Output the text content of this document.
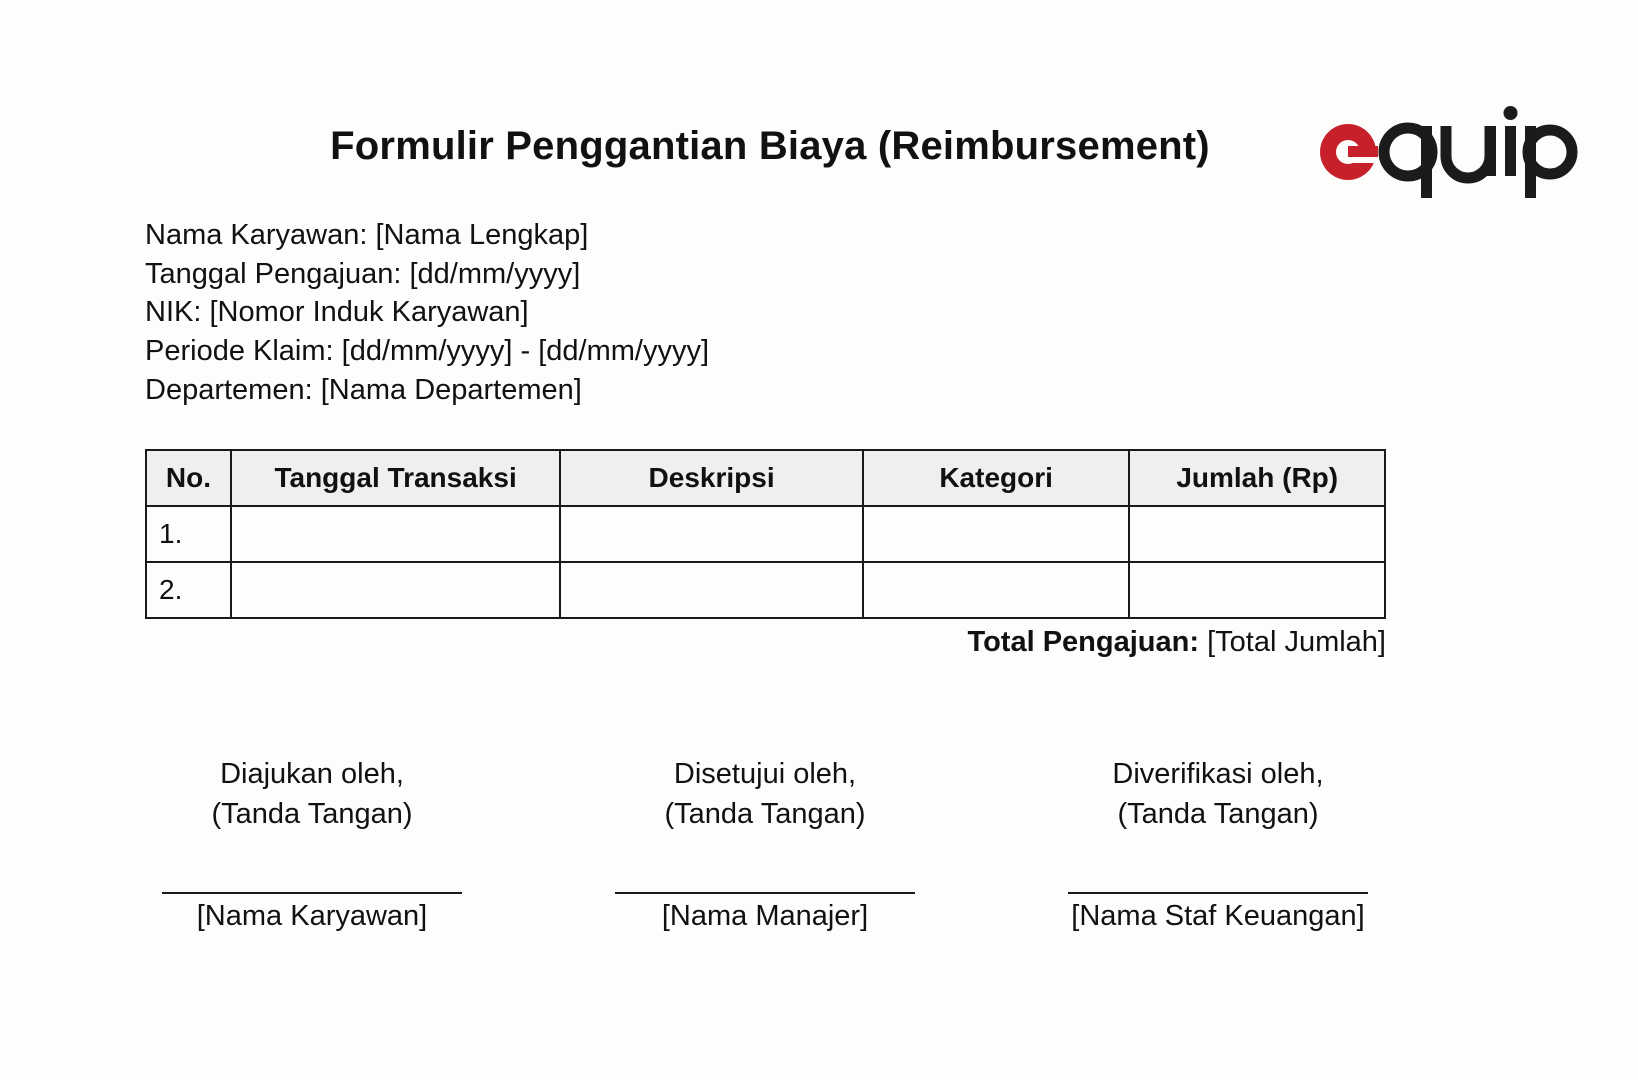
Formulir Penggantian Biaya (Reimbursement)
Nama Karyawan: [Nama Lengkap]
Tanggal Pengajuan: [dd/mm/yyyy]
NIK: [Nomor Induk Karyawan]
Periode Klaim: [dd/mm/yyyy] - [dd/mm/yyyy]
Departemen: [Nama Departemen]
No.	Tanggal Transaksi	Deskripsi	Kategori	Jumlah (Rp)
1.				
2.				
Total Pengajuan: [Total Jumlah]
Diajukan oleh,
(Tanda Tangan)
[Nama Karyawan]
Disetujui oleh,
(Tanda Tangan)
[Nama Manajer]
Diverifikasi oleh,
(Tanda Tangan)
[Nama Staf Keuangan]
